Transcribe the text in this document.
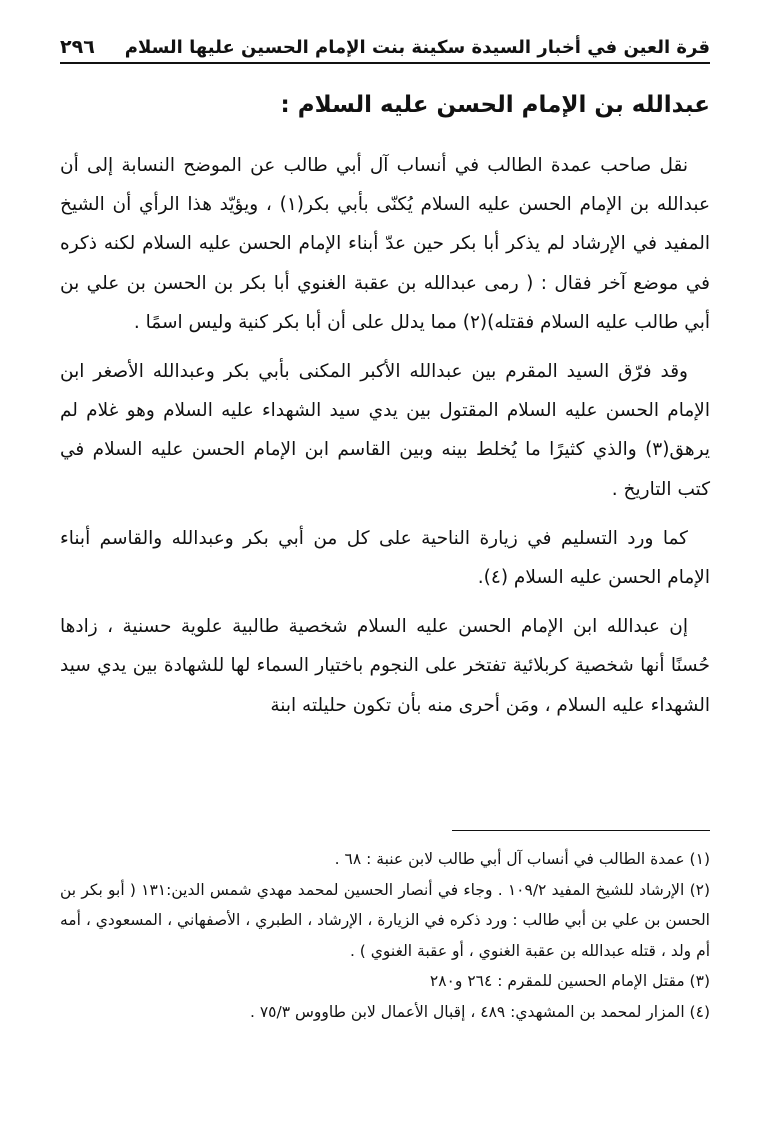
قرة العين في أخبار السيدة سكينة بنت الإمام الحسين عليها السلام
٢٩٦
عبدالله بن الإمام الحسن عليه السلام :

نقل صاحب عمدة الطالب في أنساب آل أبي طالب عن الموضح النسابة إلى أن عبدالله بن الإمام الحسن عليه السلام يُكنّى بأبي بكر(١) ، ويؤيّد هذا الرأي أن الشيخ المفيد في الإرشاد لم يذكر أبا بكر حين عدّ أبناء الإمام الحسن عليه السلام لكنه ذكره في موضع آخر فقال : ( رمى عبدالله بن عقبة الغنوي أبا بكر بن الحسن بن علي بن أبي طالب عليه السلام فقتله)(٢) مما يدلل على أن أبا بكر كنية وليس اسمًا .

وقد فرّق السيد المقرم بين عبدالله الأكبر المكنى بأبي بكر وعبدالله الأصغر ابن الإمام الحسن عليه السلام المقتول بين يدي سيد الشهداء عليه السلام وهو غلام لم يرهق(٣) والذي كثيرًا ما يُخلط بينه وبين القاسم ابن الإمام الحسن عليه السلام في كتب التاريخ .

كما ورد التسليم في زيارة الناحية على كل من أبي بكر وعبدالله والقاسم أبناء الإمام الحسن عليه السلام (٤).

إن عبدالله ابن الإمام الحسن عليه السلام شخصية طالبية علوية حسنية ، زادها حُسنًا أنها شخصية كربلائية تفتخر على النجوم باختيار السماء لها للشهادة بين يدي سيد الشهداء عليه السلام ، ومَن أحرى منه بأن تكون حليلته ابنة

(١) عمدة الطالب في أنساب آل أبي طالب لابن عنبة : ٦٨ .

(٢) الإرشاد للشيخ المفيد ١٠٩/٢ . وجاء في أنصار الحسين لمحمد مهدي شمس الدين:١٣١ ( أبو بكر بن الحسن بن علي بن أبي طالب : ورد ذكره في الزيارة ، الإرشاد ، الطبري ، الأصفهاني ، المسعودي ، أمه أم ولد ، قتله عبدالله بن عقبة الغنوي ، أو عقبة الغنوي ) .

(٣) مقتل الإمام الحسين للمقرم : ٢٦٤ و٢٨٠

(٤) المزار لمحمد بن المشهدي: ٤٨٩ ، إقبال الأعمال لابن طاووس ٧٥/٣ .
